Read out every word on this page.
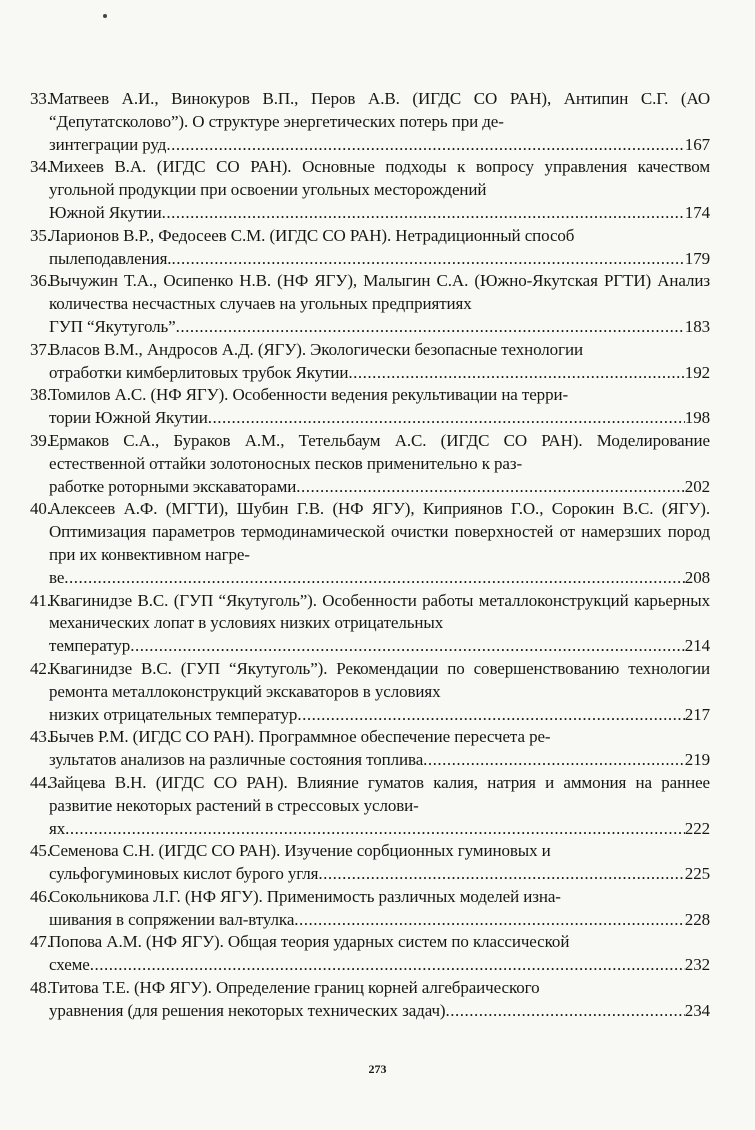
33.
Матвеев А.И., Винокуров В.П., Перов А.В. (ИГДС СО РАН), Антипин С.Г. (АО “Депутатсколово”). О структуре энергетических потерь при де-
зинтеграции руд .....	167
34.
Михеев В.А. (ИГДС СО РАН). Основные подходы к вопросу управления качеством угольной продукции при освоении угольных месторождений
Южной Якутии .....	174
35.
Ларионов В.Р., Федосеев С.М. (ИГДС СО РАН). Нетрадиционный способ
пылеподавления. .....	179
36.
Вычужин Т.А., Осипенко Н.В. (НФ ЯГУ), Малыгин С.А. (Южно-Якутская РГТИ) Анализ количества несчастных случаев на угольных предприятиях
ГУП “Якутуголь” .....	183
37.
Власов В.М., Андросов А.Д. (ЯГУ). Экологически безопасные технологии
отработки кимберлитовых трубок Якутии .....	192
38.
Томилов А.С. (НФ ЯГУ). Особенности ведения рекультивации на терри-
тории Южной Якутии .....	198
39.
Ермаков С.А., Бураков А.М., Тетельбаум А.С. (ИГДС СО РАН). Моделирование естественной оттайки золотоносных песков применительно к раз-
работке роторными экскаваторами .....	202
40.
Алексеев А.Ф. (МГТИ), Шубин Г.В. (НФ ЯГУ), Киприянов Г.О., Сорокин В.С. (ЯГУ). Оптимизация параметров термодинамической очистки поверхностей от намерзших пород при их конвективном нагре-
ве .....	208
41.
Квагинидзе В.С. (ГУП “Якутуголь”). Особенности работы металлоконструкций карьерных механических лопат в условиях низких отрицательных
температур .....	214
42.
Квагинидзе В.С. (ГУП “Якутуголь”). Рекомендации по совершенствованию технологии ремонта металлоконструкций экскаваторов в условиях
низких отрицательных температур .....	217
43.
Бычев Р.М. (ИГДС СО РАН). Программное обеспечение пересчета ре-
зультатов анализов на различные состояния топлива .....	219
44.
Зайцева В.Н. (ИГДС СО РАН). Влияние гуматов калия, натрия и аммония на раннее развитие некоторых растений в стрессовых услови-
ях .....	222
45.
Семенова С.Н. (ИГДС СО РАН). Изучение сорбционных гуминовых и
сульфогуминовых кислот бурого угля .....	225
46.
Сокольникова Л.Г. (НФ ЯГУ). Применимость различных моделей изна-
шивания в сопряжении вал-втулка .....	228
47.
Попова А.М. (НФ ЯГУ). Общая теория ударных систем по классической
схеме .....	232
48.
Титова Т.Е. (НФ ЯГУ). Определение границ корней алгебраического
уравнения (для решения некоторых технических задач) .....	234
273
